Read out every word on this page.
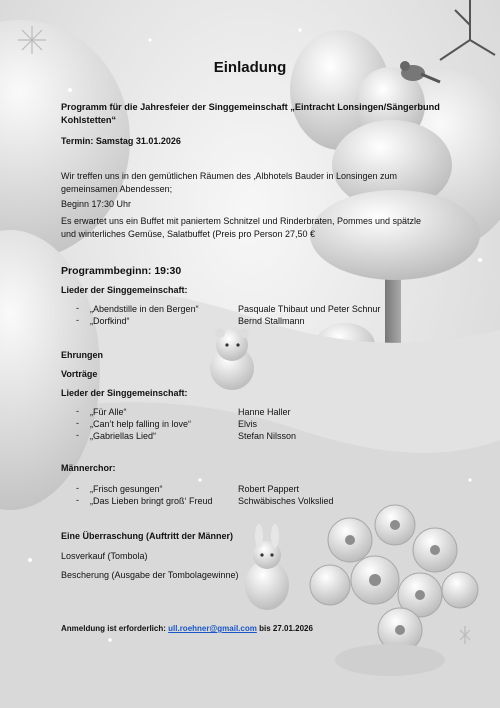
Einladung

Programm für die Jahresfeier der Singgemeinschaft „Eintracht Lonsingen/Sängerbund Kohlstetten“

Termin: Samstag 31.01.2026

Wir treffen uns in den gemütlichen Räumen des ‚Albhotels Bauder in Lonsingen zum gemeinsamen Abendessen;

Beginn 17:30 Uhr

Es erwartet uns ein Buffet mit paniertem Schnitzel und Rinderbraten, Pommes und spätzle und winterliches Gemüse, Salatbuffet (Preis pro Person 27,50 €

Programmbeginn: 19:30

Lieder der Singgemeinschaft:

- „Abendstille in den Bergen“	Pasquale Thibaut und Peter Schnur
- „Dorfkind“	Bernd Stallmann

Ehrungen

Vorträge

Lieder der Singgemeinschaft:

- „Für Alle“	Hanne Haller
- „Can’t help falling in love“	Elvis
- „Gabriellas Lied“	Stefan Nilsson

Männerchor:

- „Frisch gesungen“	Robert Pappert
- „Das Lieben bringt groß‘ Freud	Schwäbisches Volkslied

Eine Überraschung (Auftritt der Männer)

Losverkauf (Tombola)

Bescherung (Ausgabe der Tombolagewinne)

Anmeldung ist erforderlich: ull.roehner@gmail.com bis 27.01.2026
